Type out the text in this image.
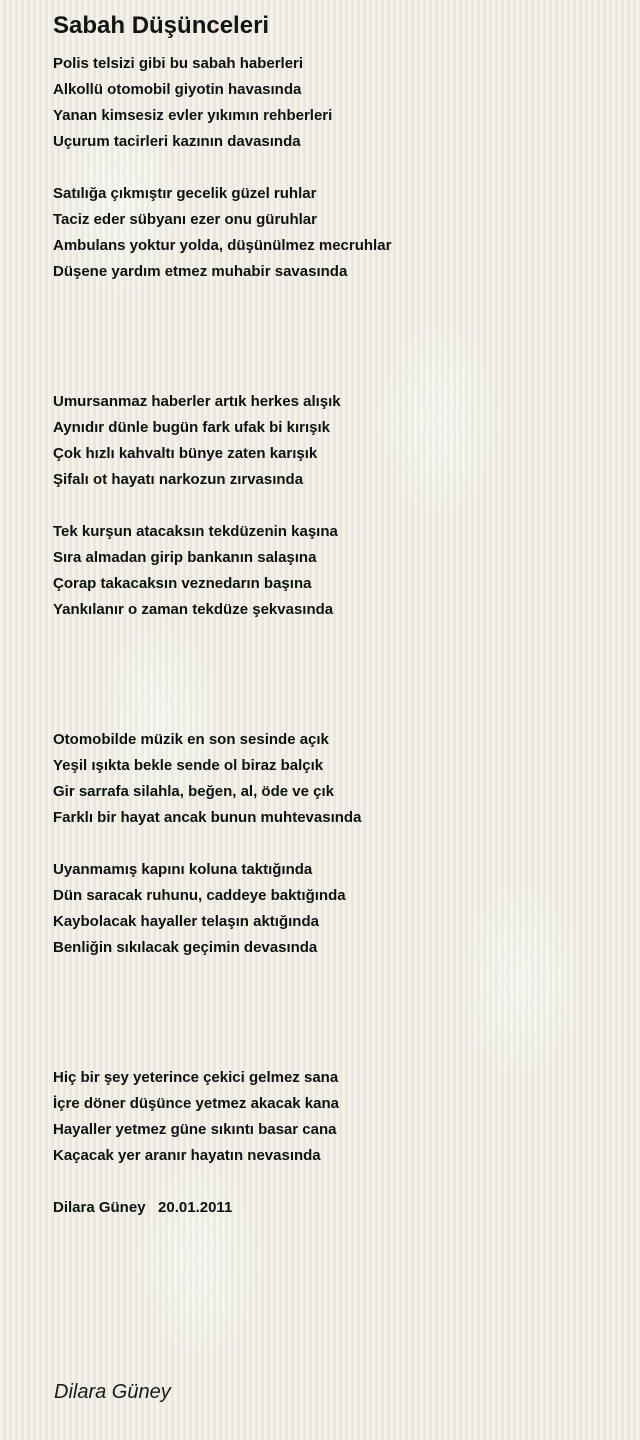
Sabah Düşünceleri
Polis telsizi gibi bu sabah haberleri
Alkollü otomobil giyotin havasında
Yanan kimsesiz evler yıkımın rehberleri
Uçurum tacirleri kazının davasında
Satılığa çıkmıştır gecelik güzel ruhlar
Taciz eder sübyanı ezer onu güruhlar
Ambulans yoktur yolda, düşünülmez mecruhlar
Düşene yardım etmez muhabir savasında
Umursanmaz haberler artık herkes alışık
Aynıdır dünle bugün fark ufak bi kırışık
Çok hızlı kahvaltı bünye zaten karışık
Şifalı ot hayatı narkozun zırvasında
Tek kurşun atacaksın tekdüzenin kaşına
Sıra almadan girip bankanın salaşına
Çorap takacaksın veznedarın başına
Yankılanır o zaman tekdüze şekvasında
Otomobilde müzik en son sesinde açık
Yeşil ışıkta bekle sende ol biraz balçık
Gir sarrafa silahla, beğen, al, öde ve çık
Farklı bir hayat ancak bunun muhtevasında
Uyanmamış kapını koluna taktığında
Dün saracak ruhunu, caddeye baktığında
Kaybolacak hayaller telaşın aktığında
Benliğin sıkılacak geçimin devasında
Hiç bir şey yeterince çekici gelmez sana
İçre döner düşünce yetmez akacak kana
Hayaller yetmez güne sıkıntı basar cana
Kaçacak yer aranır hayatın nevasında
Dilara Güney   20.01.2011
Dilara Güney
